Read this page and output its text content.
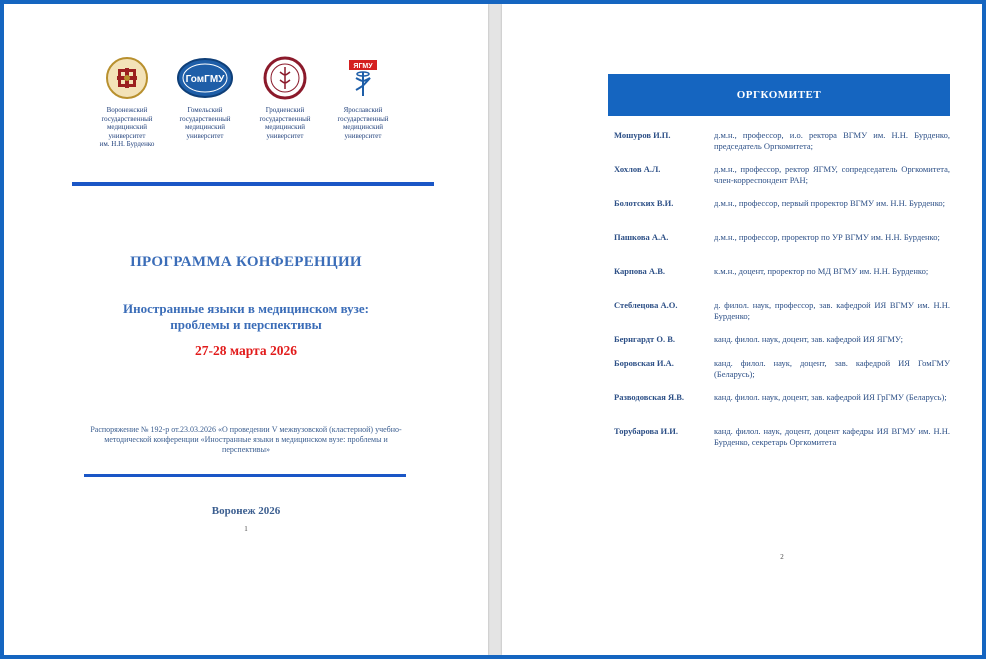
Воронежский
государственный
медицинский
университет
им. Н.Н. Бурденко
ГомГМУ
Гомельский
государственный
медицинский
университет
Гродненский
государственный
медицинский
университет
ЯГМУ
Ярославский
государственный
медицинский
университет
ПРОГРАММА КОНФЕРЕНЦИИ
Иностранные языки в медицинском вузе:
проблемы и перспективы
27-28 марта 2026
Распоряжение № 192-р от.23.03.2026 «О проведении V межвузовской (кластерной) учебно-методической конференции «Иностранные языки в медицинском вузе: проблемы и перспективы»
Воронеж 2026
1
ОРГКОМИТЕТ
Мошуров И.П.	д.м.н., профессор, и.о. ректора ВГМУ им. Н.Н. Бурденко, председатель Оргкомитета;
Хохлов А.Л.	д.м.н., профессор, ректор ЯГМУ, сопредседатель Оргкомитета, член-корреспондент РАН;
Болотских В.И.	д.м.н., профессор, первый проректор ВГМУ им. Н.Н. Бурденко;
Пашкова А.А.	д.м.н., профессор, проректор по УР ВГМУ им. Н.Н. Бурденко;
Карпова А.В.	к.м.н., доцент, проректор по МД ВГМУ им. Н.Н. Бурденко;
Стеблецова А.О.	д. филол. наук, профессор, зав. кафедрой ИЯ ВГМУ им. Н.Н. Бурденко;
Бернгардт О. В.	канд. филол. наук, доцент, зав. кафедрой ИЯ ЯГМУ;
Боровская И.А.	канд. филол. наук, доцент, зав. кафедрой ИЯ ГомГМУ (Беларусь);
Разводовская Я.В.	канд. филол. наук, доцент, зав. кафедрой ИЯ ГрГМУ (Беларусь);
Торубарова И.И.	канд. филол. наук, доцент, доцент кафедры ИЯ ВГМУ им. Н.Н. Бурденко, секретарь Оргкомитета
2
